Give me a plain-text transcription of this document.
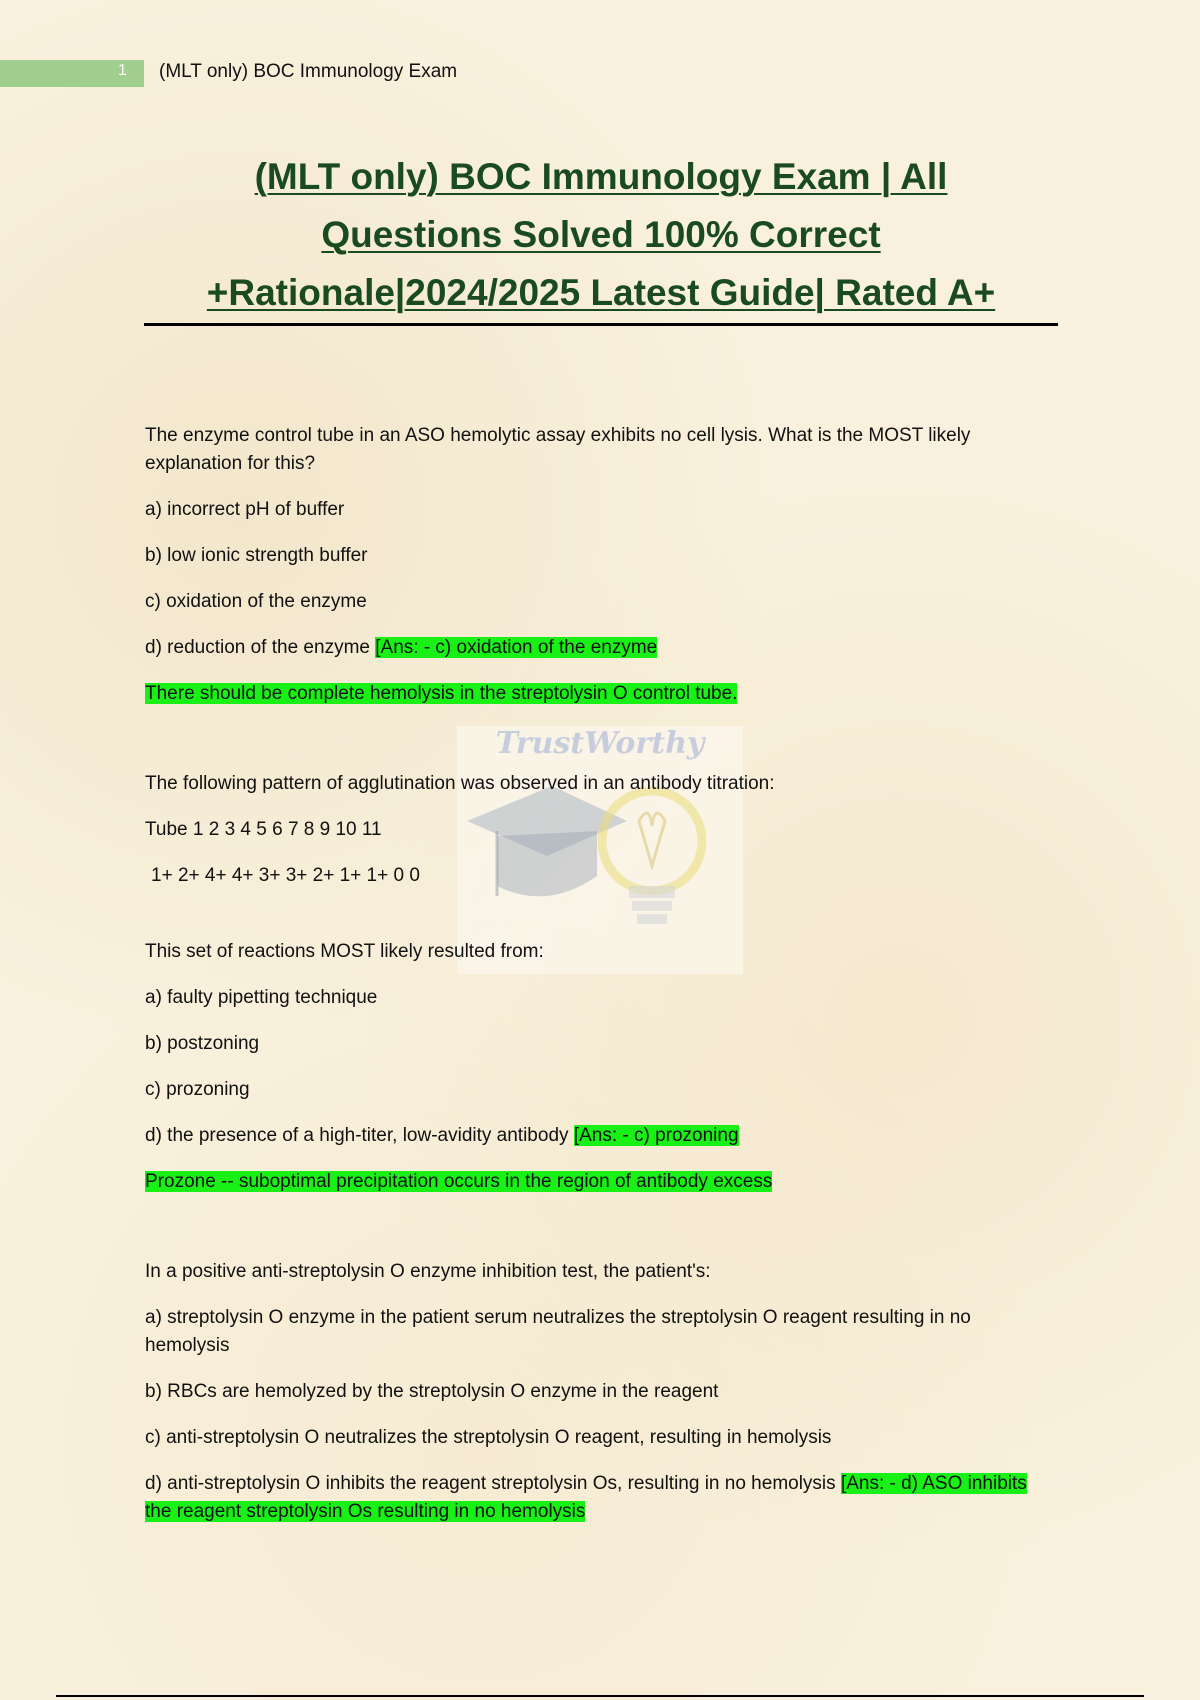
1 (MLT only) BOC Immunology Exam
(MLT only) BOC Immunology Exam | All
Questions Solved 100% Correct
+Rationale|2024/2025 Latest Guide| Rated A+
TrustWorthy

The enzyme control tube in an ASO hemolytic assay exhibits no cell lysis. What is the MOST likely explanation for this?

a) incorrect pH of buffer

b) low ionic strength buffer

c) oxidation of the enzyme

d) reduction of the enzyme [Ans: - c) oxidation of the enzyme

There should be complete hemolysis in the streptolysin O control tube.

The following pattern of agglutination was observed in an antibody titration:

Tube 1 2 3 4 5 6 7 8 9 10 11

1+ 2+ 4+ 4+ 3+ 3+ 2+ 1+ 1+ 0 0

This set of reactions MOST likely resulted from:

a) faulty pipetting technique

b) postzoning

c) prozoning

d) the presence of a high-titer, low-avidity antibody [Ans: - c) prozoning

Prozone -- suboptimal precipitation occurs in the region of antibody excess

In a positive anti-streptolysin O enzyme inhibition test, the patient's:

a) streptolysin O enzyme in the patient serum neutralizes the streptolysin O reagent resulting in no hemolysis

b) RBCs are hemolyzed by the streptolysin O enzyme in the reagent

c) anti-streptolysin O neutralizes the streptolysin O reagent, resulting in hemolysis

d) anti-streptolysin O inhibits the reagent streptolysin Os, resulting in no hemolysis [Ans: - d) ASO inhibits the reagent streptolysin Os resulting in no hemolysis
